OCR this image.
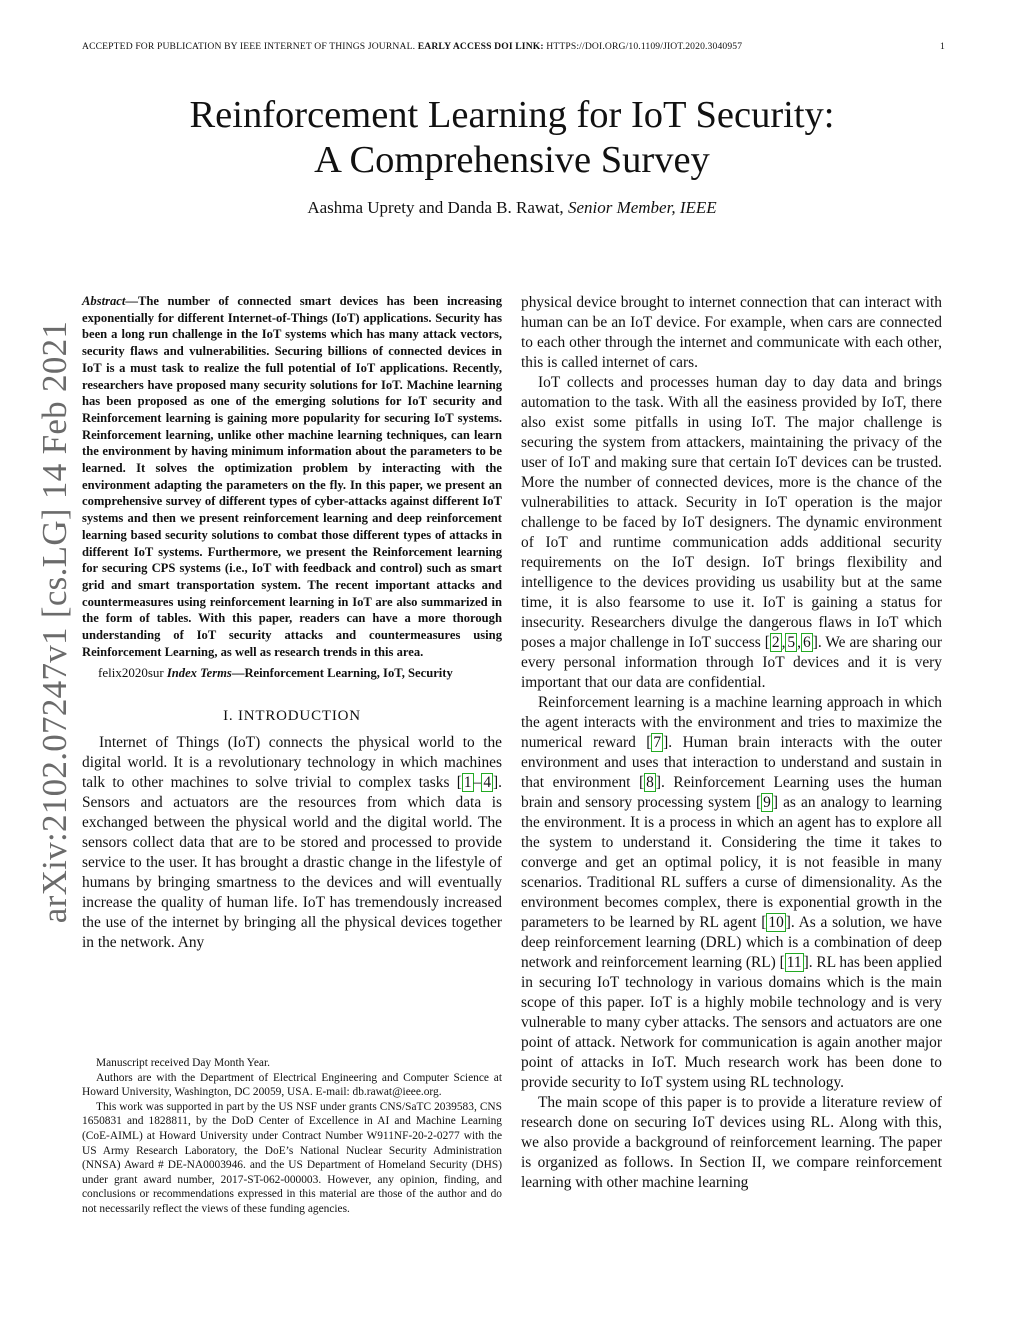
ACCEPTED FOR PUBLICATION BY IEEE INTERNET OF THINGS JOURNAL. EARLY ACCESS DOI LINK: HTTPS://DOI.ORG/10.1109/JIOT.2020.3040957	1
arXiv:2102.07247v1 [cs.LG] 14 Feb 2021
Reinforcement Learning for IoT Security:
A Comprehensive Survey
Aashma Uprety and Danda B. Rawat, Senior Member, IEEE

Abstract—The number of connected smart devices has been increasing exponentially for different Internet-of-Things (IoT) applications. Security has been a long run challenge in the IoT systems which has many attack vectors, security flaws and vulnerabilities. Securing billions of connected devices in IoT is a must task to realize the full potential of IoT applications. Recently, researchers have proposed many security solutions for IoT. Machine learning has been proposed as one of the emerging solutions for IoT security and Reinforcement learning is gaining more popularity for securing IoT systems. Reinforcement learning, unlike other machine learning techniques, can learn the environment by having minimum information about the parameters to be learned. It solves the optimization problem by interacting with the environment adapting the parameters on the fly. In this paper, we present an comprehensive survey of different types of cyber-attacks against different IoT systems and then we present reinforcement learning and deep reinforcement learning based security solutions to combat those different types of attacks in different IoT systems. Furthermore, we present the Reinforcement learning for securing CPS systems (i.e., IoT with feedback and control) such as smart grid and smart transportation system. The recent important attacks and countermeasures using reinforcement learning in IoT are also summarized in the form of tables. With this paper, readers can have a more thorough understanding of IoT security attacks and countermeasures using Reinforcement Learning, as well as research trends in this area.

felix2020sur Index Terms—Reinforcement Learning, IoT, Security

I. INTRODUCTION

Internet of Things (IoT) connects the physical world to the digital world. It is a revolutionary technology in which machines talk to other machines to solve trivial to complex tasks [ 1 – 4 ]. Sensors and actuators are the resources from which data is exchanged between the physical world and the digital world. The sensors collect data that are to be stored and processed to provide service to the user. It has brought a drastic change in the lifestyle of humans by bringing smartness to the devices and will eventually increase the quality of human life. IoT has tremendously increased the use of the internet by bringing all the physical devices together in the network. Any

Manuscript received Day Month Year.

Authors are with the Department of Electrical Engineering and Computer Science at Howard University, Washington, DC 20059, USA. E-mail: db.rawat@ieee.org.

This work was supported in part by the US NSF under grants CNS/SaTC 2039583, CNS 1650831 and 1828811, by the DoD Center of Excellence in AI and Machine Learning (CoE-AIML) at Howard University under Contract Number W911NF-20-2-0277 with the US Army Research Laboratory, the DoE’s National Nuclear Security Administration (NNSA) Award # DE-NA0003946. and the US Department of Homeland Security (DHS) under grant award number, 2017-ST-062-000003. However, any opinion, finding, and conclusions or recommendations expressed in this material are those of the author and do not necessarily reflect the views of these funding agencies.

physical device brought to internet connection that can interact with human can be an IoT device. For example, when cars are connected to each other through the internet and communicate with each other, this is called internet of cars.

IoT collects and processes human day to day data and brings automation to the task. With all the easiness provided by IoT, there also exist some pitfalls in using IoT. The major challenge is securing the system from attackers, maintaining the privacy of the user of IoT and making sure that certain IoT devices can be trusted. More the number of connected devices, more is the chance of the vulnerabilities to attack. Security in IoT operation is the major challenge to be faced by IoT designers. The dynamic environment of IoT and runtime communication adds additional security requirements on the IoT design. IoT brings flexibility and intelligence to the devices providing us usability but at the same time, it is also fearsome to use it. IoT is gaining a status for insecurity. Researchers divulge the dangerous flaws in IoT which poses a major challenge in IoT success [ 2 , 5 , 6 ]. We are sharing our every personal information through IoT devices and it is very important that our data are confidential.

Reinforcement learning is a machine learning approach in which the agent interacts with the environment and tries to maximize the numerical reward [ 7 ]. Human brain interacts with the outer environment and uses that interaction to understand and sustain in that environment [ 8 ]. Reinforcement Learning uses the human brain and sensory processing system [ 9 ] as an analogy to learning the environment. It is a process in which an agent has to explore all the system to understand it. Considering the time it takes to converge and get an optimal policy, it is not feasible in many scenarios. Traditional RL suffers a curse of dimensionality. As the environment becomes complex, there is exponential growth in the parameters to be learned by RL agent [ 10 ]. As a solution, we have deep reinforcement learning (DRL) which is a combination of deep network and reinforcement learning (RL) [ 11 ]. RL has been applied in securing IoT technology in various domains which is the main scope of this paper. IoT is a highly mobile technology and is very vulnerable to many cyber attacks. The sensors and actuators are one point of attack. Network for communication is again another major point of attacks in IoT. Much research work has been done to provide security to IoT system using RL technology.

The main scope of this paper is to provide a literature review of research done on securing IoT devices using RL. Along with this, we also provide a background of reinforcement learning. The paper is organized as follows. In Section II, we compare reinforcement learning with other machine learning
